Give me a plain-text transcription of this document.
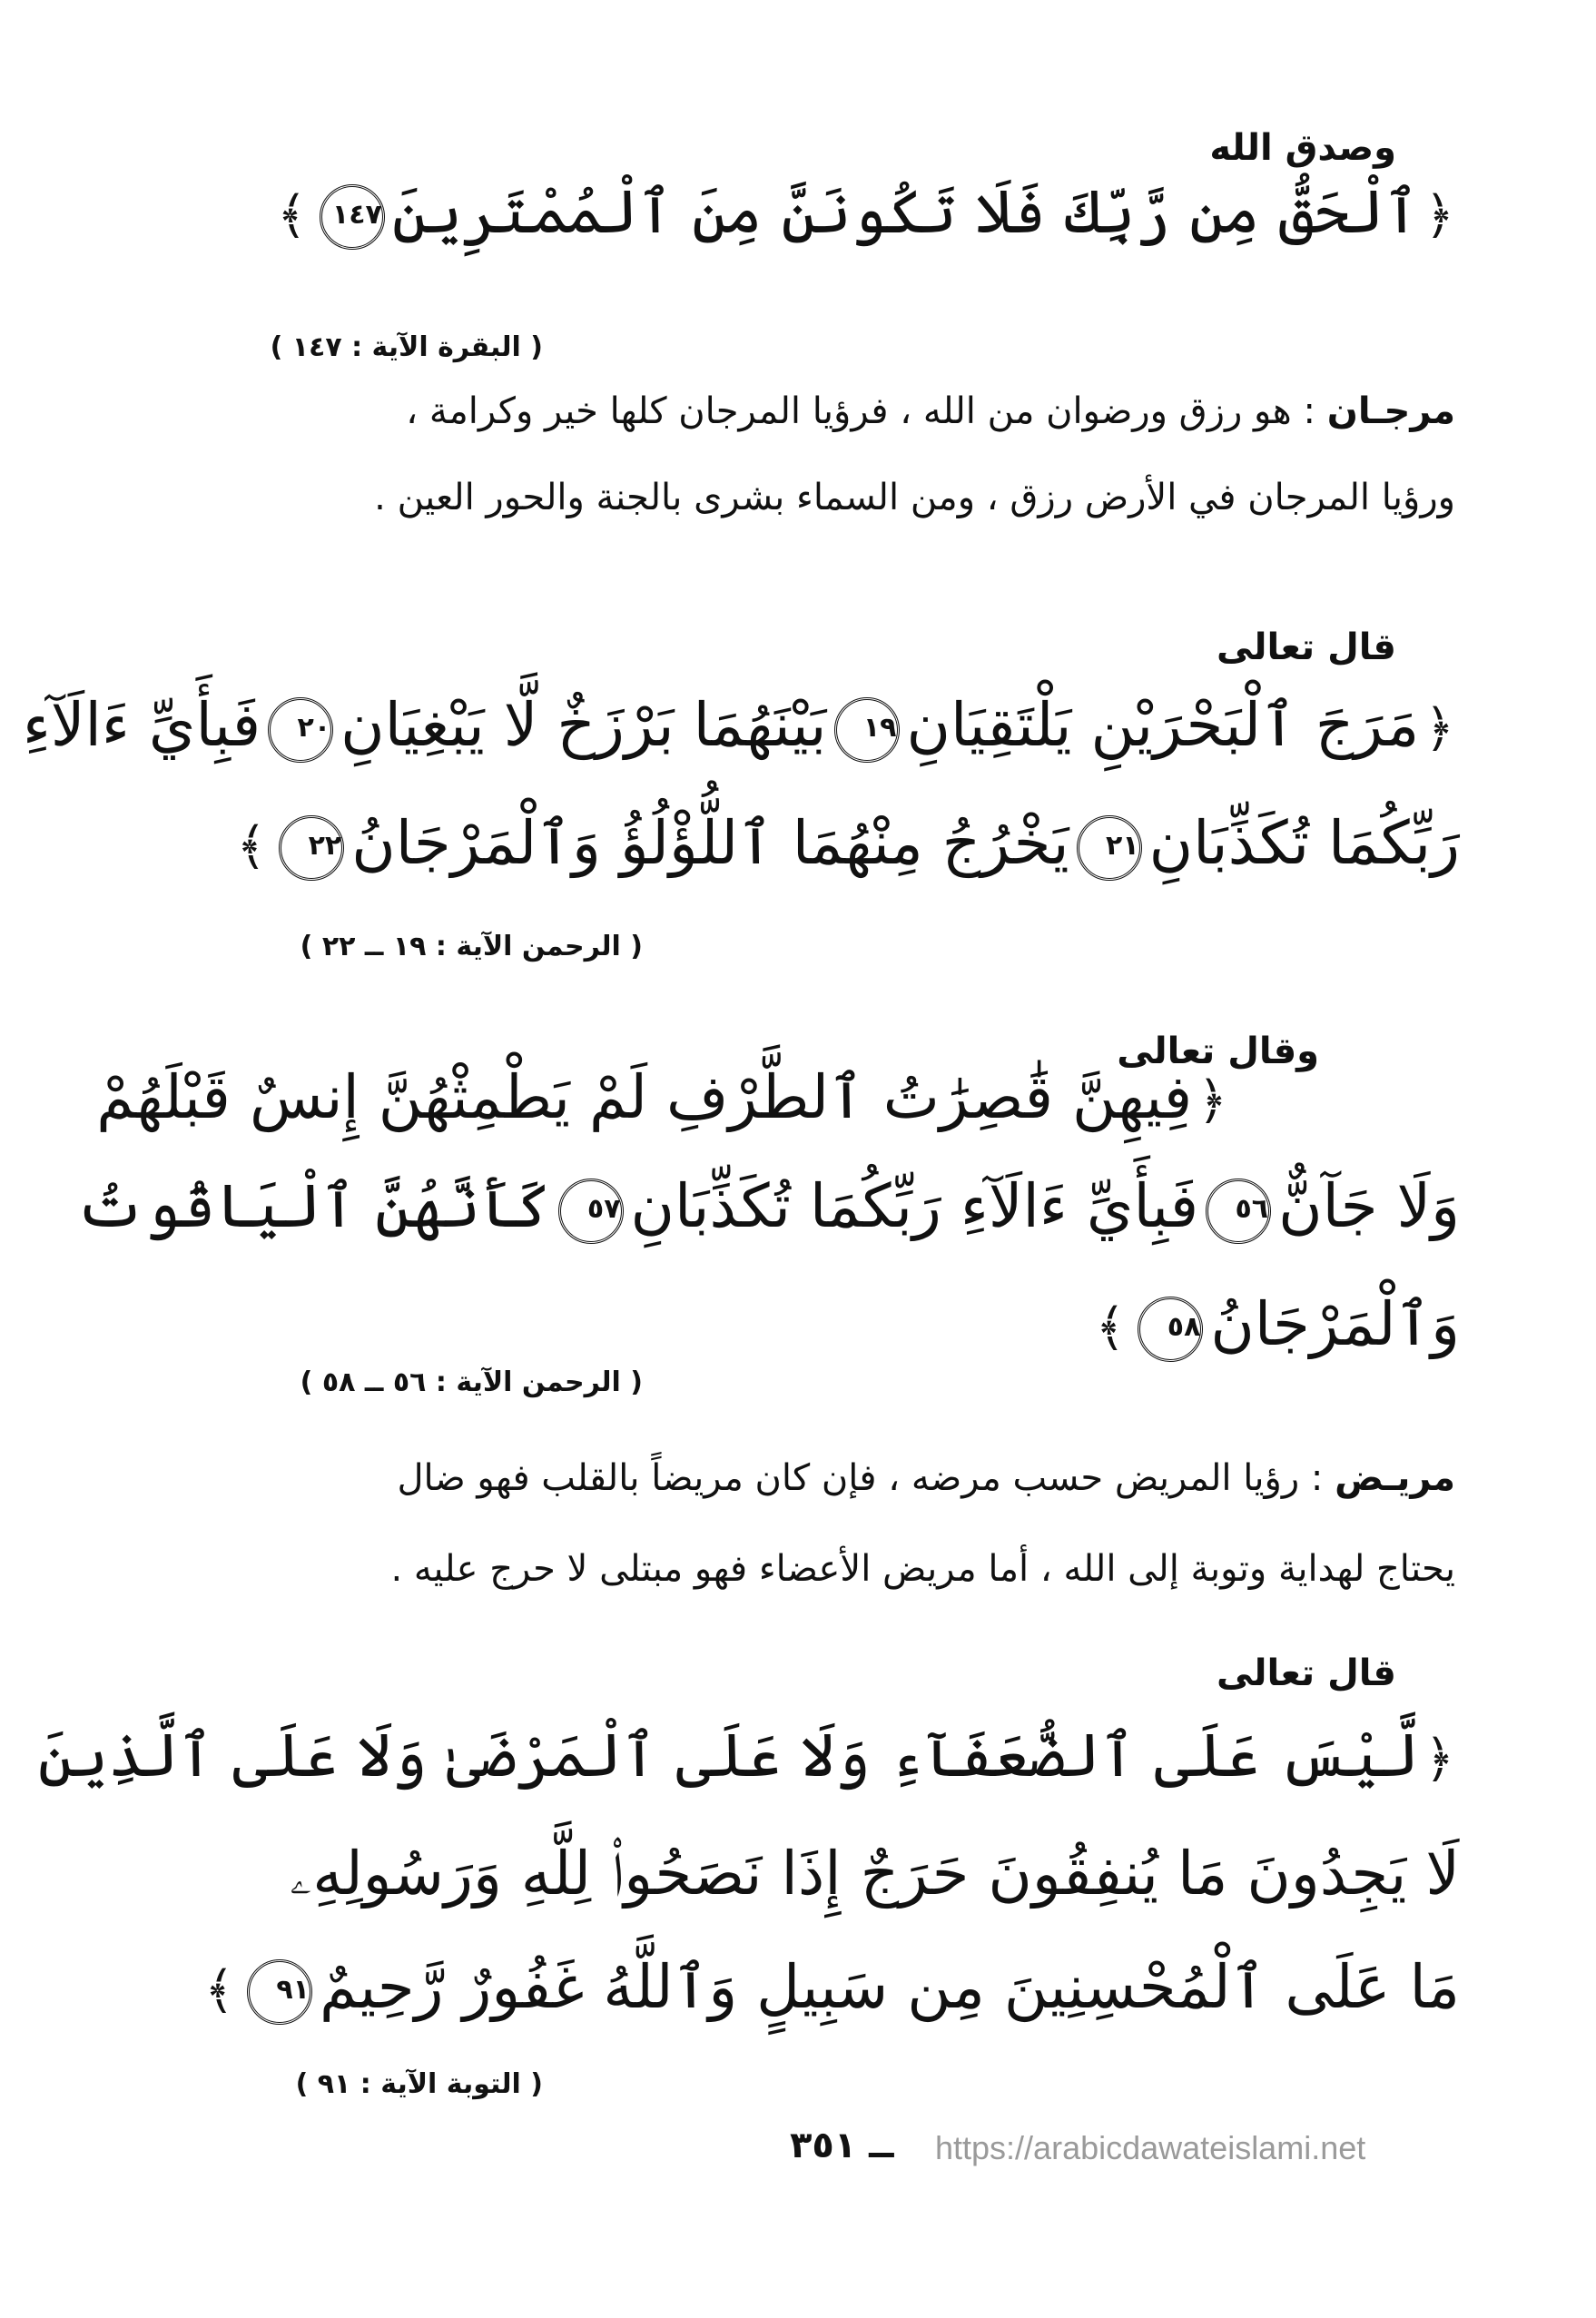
وصدق الله
﴿ٱلْحَقُّ مِن رَّبِّكَ فَلَا تَكُونَنَّ مِنَ ٱلْمُمْتَرِينَ١٤٧﴾
( البقرة الآية : ١٤٧ )
مرجـان : هو رزق ورضوان من الله ، فرؤيا المرجان كلها خير وكرامة ،
ورؤيا المرجان في الأرض رزق ، ومن السماء بشرى بالجنة والحور العين .
قال تعالى
﴿مَرَجَ ٱلْبَحْرَيْنِ يَلْتَقِيَانِ١٩بَيْنَهُمَا بَرْزَخٌ لَّا يَبْغِيَانِ٢٠فَبِأَيِّ ءَالَآءِ
رَبِّكُمَا تُكَذِّبَانِ٢١يَخْرُجُ مِنْهُمَا ٱللُّؤْلُؤُ وَٱلْمَرْجَانُ٢٢﴾
( الرحمن الآية : ١٩ ــ ٢٢ )
وقال تعالى
﴿فِيهِنَّ قَٰصِرَٰتُ ٱلطَّرْفِ لَمْ يَطْمِثْهُنَّ إِنسٌ قَبْلَهُمْ
وَلَا جَآنٌّ٥٦فَبِأَيِّ ءَالَآءِ رَبِّكُمَا تُكَذِّبَانِ٥٧كَأَنَّهُنَّ ٱلْيَاقُوتُ
وَٱلْمَرْجَانُ٥٨﴾
( الرحمن الآية : ٥٦ ــ ٥٨ )
مريـض : رؤيا المريض حسب مرضه ، فإن كان مريضاً بالقلب فهو ضال
يحتاج لهداية وتوبة إلى الله ، أما مريض الأعضاء فهو مبتلى لا حرج عليه .
قال تعالى
﴿لَّيْسَ عَلَى ٱلضُّعَفَآءِ وَلَا عَلَى ٱلْمَرْضَىٰ وَلَا عَلَى ٱلَّذِينَ
لَا يَجِدُونَ مَا يُنفِقُونَ حَرَجٌ إِذَا نَصَحُوا۟ لِلَّهِ وَرَسُولِهِۦ
مَا عَلَى ٱلْمُحْسِنِينَ مِن سَبِيلٍ وَٱللَّهُ غَفُورٌ رَّحِيمٌ٩١﴾
( التوبة الآية : ٩١ )
ــ ٣٥١ https://arabicdawateislami.net
